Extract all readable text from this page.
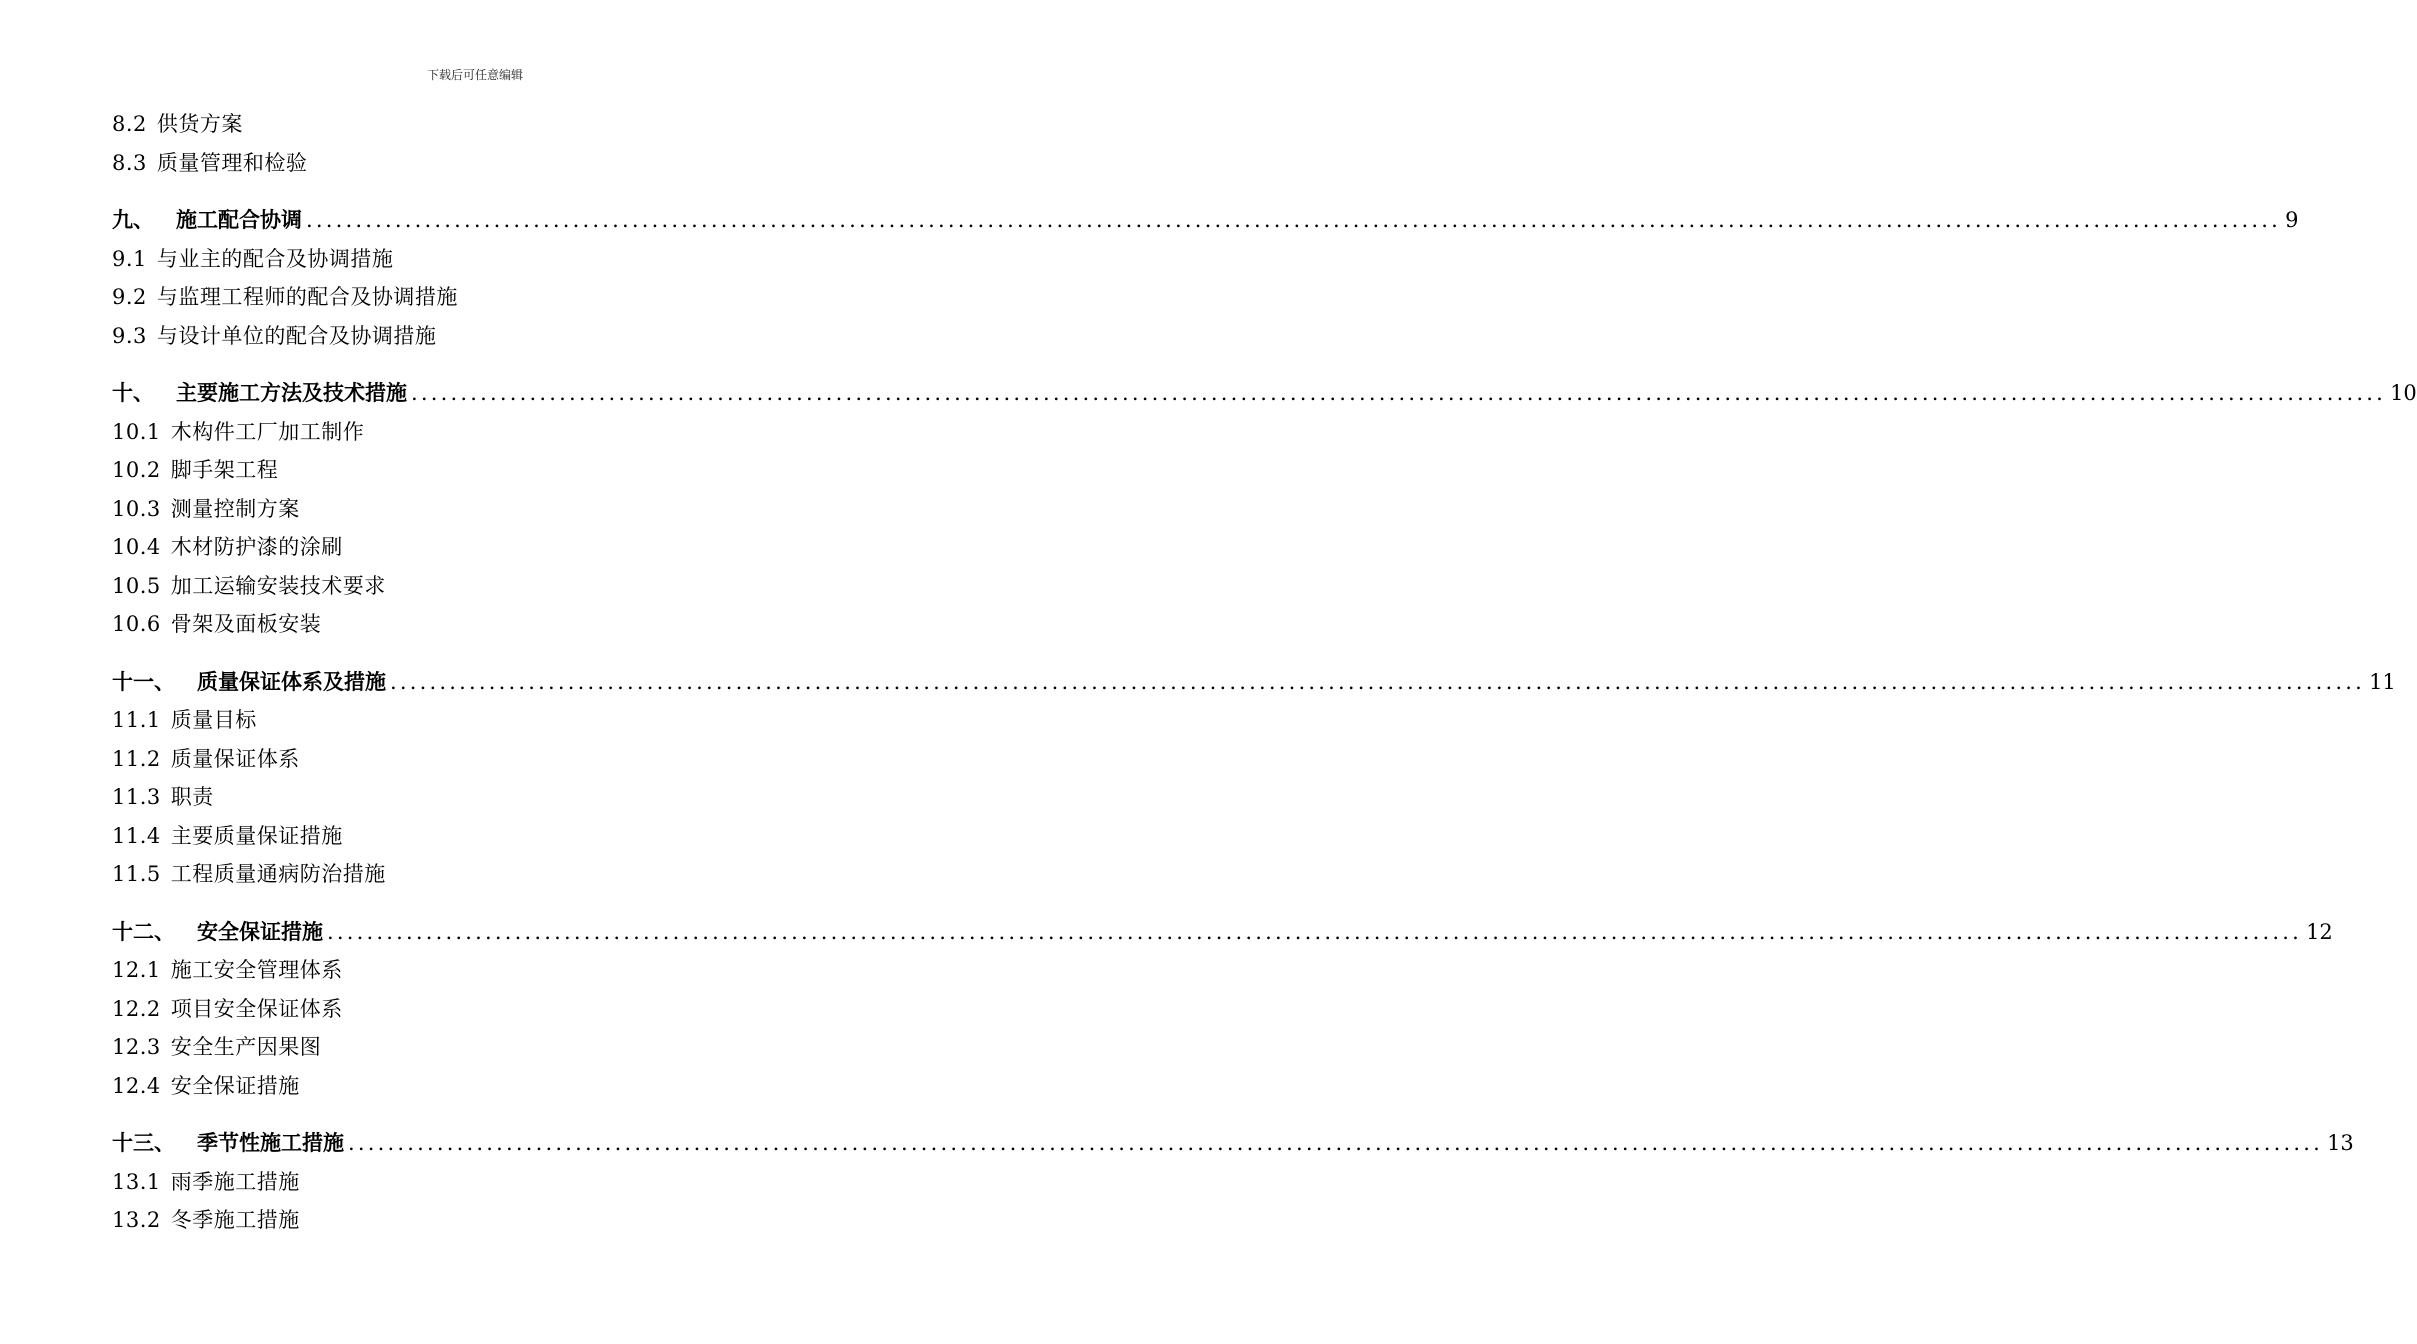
下载后可任意编辑
8.2 供货方案
8.3 质量管理和检验
九、 施工配合协调 ........................................................................................................................................................................................................ 9
9.1 与业主的配合及协调措施
9.2 与监理工程师的配合及协调措施
9.3 与设计单位的配合及协调措施
十、 主要施工方法及技术措施 ........................................................................................................................................................................................................ 10
10.1 木构件工厂加工制作
10.2 脚手架工程
10.3 测量控制方案
10.4 木材防护漆的涂刷
10.5 加工运输安装技术要求
10.6 骨架及面板安装
十一、 质量保证体系及措施 ........................................................................................................................................................................................................ 11
11.1 质量目标
11.2 质量保证体系
11.3 职责
11.4 主要质量保证措施
11.5 工程质量通病防治措施
十二、 安全保证措施 ........................................................................................................................................................................................................ 12
12.1 施工安全管理体系
12.2 项目安全保证体系
12.3 安全生产因果图
12.4 安全保证措施
十三、 季节性施工措施 ........................................................................................................................................................................................................ 13
13.1 雨季施工措施
13.2 冬季施工措施
